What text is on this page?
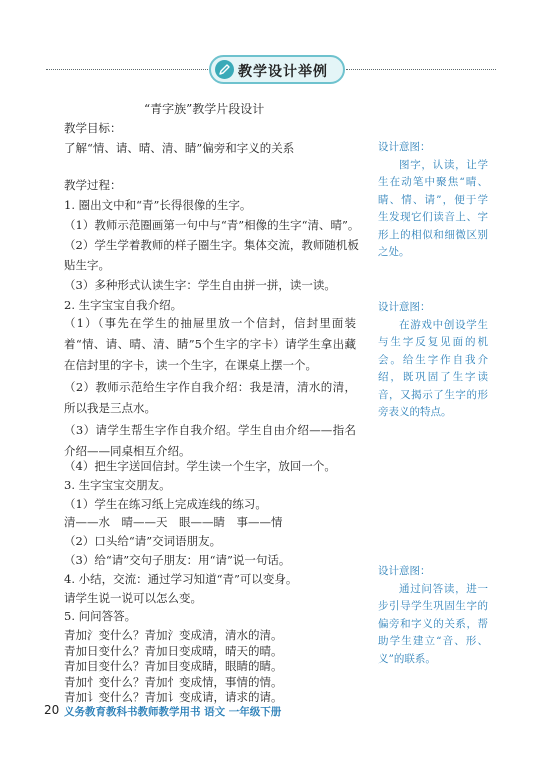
教学设计举例
“青字族”教学片段设计
教学目标：
了解“情、请、晴、清、睛”偏旁和字义的关系
教学过程：
1. 圈出文中和“青”长得很像的生字。
（1）教师示范圈画第一句中与“青”相像的生字“清、晴”。
（2）学生学着教师的样子圈生字。集体交流，教师随机板
贴生字。
（3）多种形式认读生字：学生自由拼一拼，读一读。
2. 生字宝宝自我介绍。
（1）（事先在学生的抽屉里放一个信封，信封里面装着“情、请、晴、清、睛”5个生字的字卡）请学生拿出藏在信封里的字卡，读一个生字，在课桌上摆一个。
（2）教师示范给生字作自我介绍：我是清，清水的清，所以我是三点水。
（3）请学生帮生字作自我介绍。学生自由介绍——指名介绍——同桌相互介绍。
（4）把生字送回信封。学生读一个生字，放回一个。
3. 生字宝宝交朋友。
（1）学生在练习纸上完成连线的练习。
清——水　晴——天　眼——睛　事——情
（2）口头给“请”交词语朋友。
（3）给“请”交句子朋友：用“请”说一句话。
4. 小结，交流：通过学习知道“青”可以变身。
请学生说一说可以怎么变。
5. 问问答答。
青加氵变什么？青加氵变成清，清水的清。
青加日变什么？青加日变成晴，晴天的晴。
青加目变什么？青加目变成睛，眼睛的睛。
青加忄变什么？青加忄变成情，事情的情。
青加讠变什么？青加讠变成请，请求的请。
设计意图：
图字，认读，让学生在动笔中聚焦“晴、睛、情、请”，便于学生发现它们读音上、字形上的相似和细微区别之处。
设计意图：
在游戏中创设学生与生字反复见面的机会。给生字作自我介绍，既巩固了生字读音，又揭示了生字的形旁表义的特点。
设计意图：
通过问答读，进一步引导学生巩固生字的偏旁和字义的关系，帮助学生建立“音、形、义”的联系。
20 义务教育教科书教师教学用书 语文 一年级下册
